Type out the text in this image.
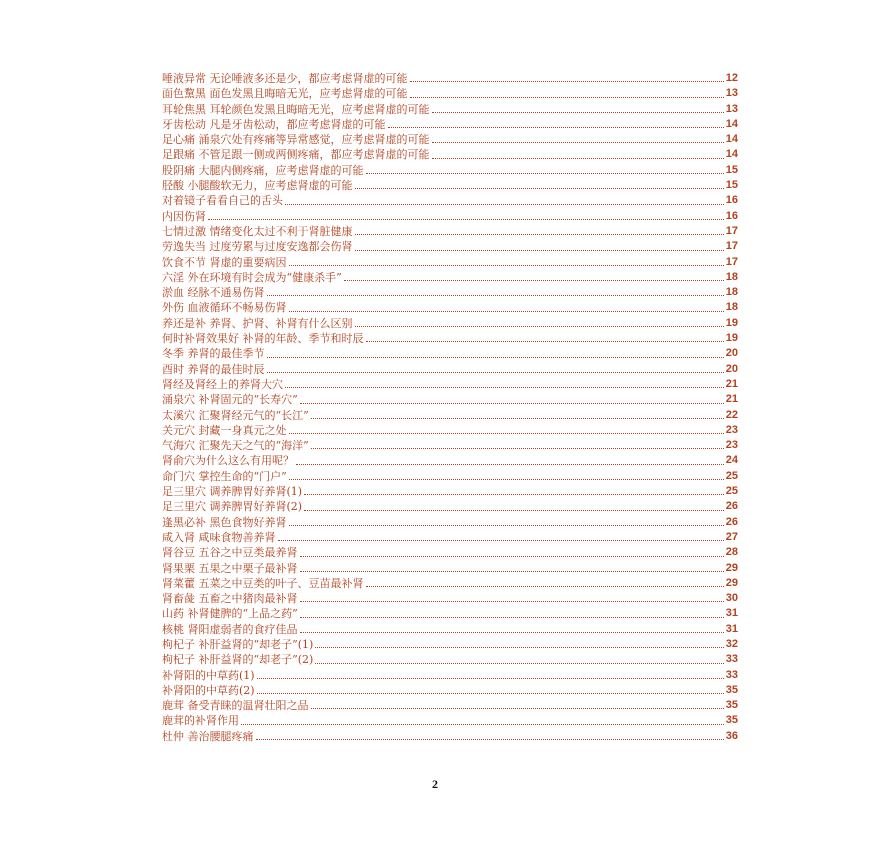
唾液异常 无论唾液多还是少，都应考虑肾虚的可能	12
面色黧黑 面色发黑且晦暗无光，应考虑肾虚的可能	13
耳轮焦黑 耳轮颜色发黑且晦暗无光，应考虑肾虚的可能	13
牙齿松动 凡是牙齿松动，都应考虑肾虚的可能	14
足心痛 涌泉穴处有疼痛等异常感觉，应考虑肾虚的可能	14
足跟痛 不管足跟一侧或两侧疼痛，都应考虑肾虚的可能	14
股阴痛 大腿内侧疼痛，应考虑肾虚的可能	15
胫酸 小腿酸软无力，应考虑肾虚的可能	15
对着镜子看看自己的舌头	16
内因伤肾	16
七情过激 情绪变化太过不利于肾脏健康	17
劳逸失当 过度劳累与过度安逸都会伤肾	17
饮食不节 肾虚的重要病因	17
六淫 外在环境有时会成为“健康杀手”	18
淤血 经脉不通易伤肾	18
外伤 血液循环不畅易伤肾	18
养还是补 养肾、护肾、补肾有什么区别	19
何时补肾效果好 补肾的年龄、季节和时辰	19
冬季 养肾的最佳季节	20
酉时 养肾的最佳时辰	20
肾经及肾经上的养肾大穴	21
涌泉穴 补肾固元的“长寿穴”	21
太溪穴 汇聚肾经元气的“长江”	22
关元穴 封藏一身真元之处	23
气海穴 汇聚先天之气的“海洋”	23
肾俞穴为什么这么有用呢？	24
命门穴 掌控生命的“门户”	25
足三里穴 调养脾胃好养肾(1)	25
足三里穴 调养脾胃好养肾(2)	26
逢黑必补 黑色食物好养肾	26
咸入肾 咸味食物善养肾	27
肾谷豆 五谷之中豆类最养肾	28
肾果栗 五果之中栗子最补肾	29
肾菜藿 五菜之中豆类的叶子、豆苗最补肾	29
肾畜彘 五畜之中猪肉最补肾	30
山药 补肾健脾的“上品之药”	31
核桃 肾阳虚弱者的食疗佳品	31
枸杞子 补肝益肾的“却老子”(1)	32
枸杞子 补肝益肾的“却老子”(2)	33
补肾阳的中草药(1)	33
补肾阳的中草药(2)	35
鹿茸 备受青睐的温肾壮阳之品	35
鹿茸的补肾作用	35
杜仲 善治腰腿疼痛	36
2
